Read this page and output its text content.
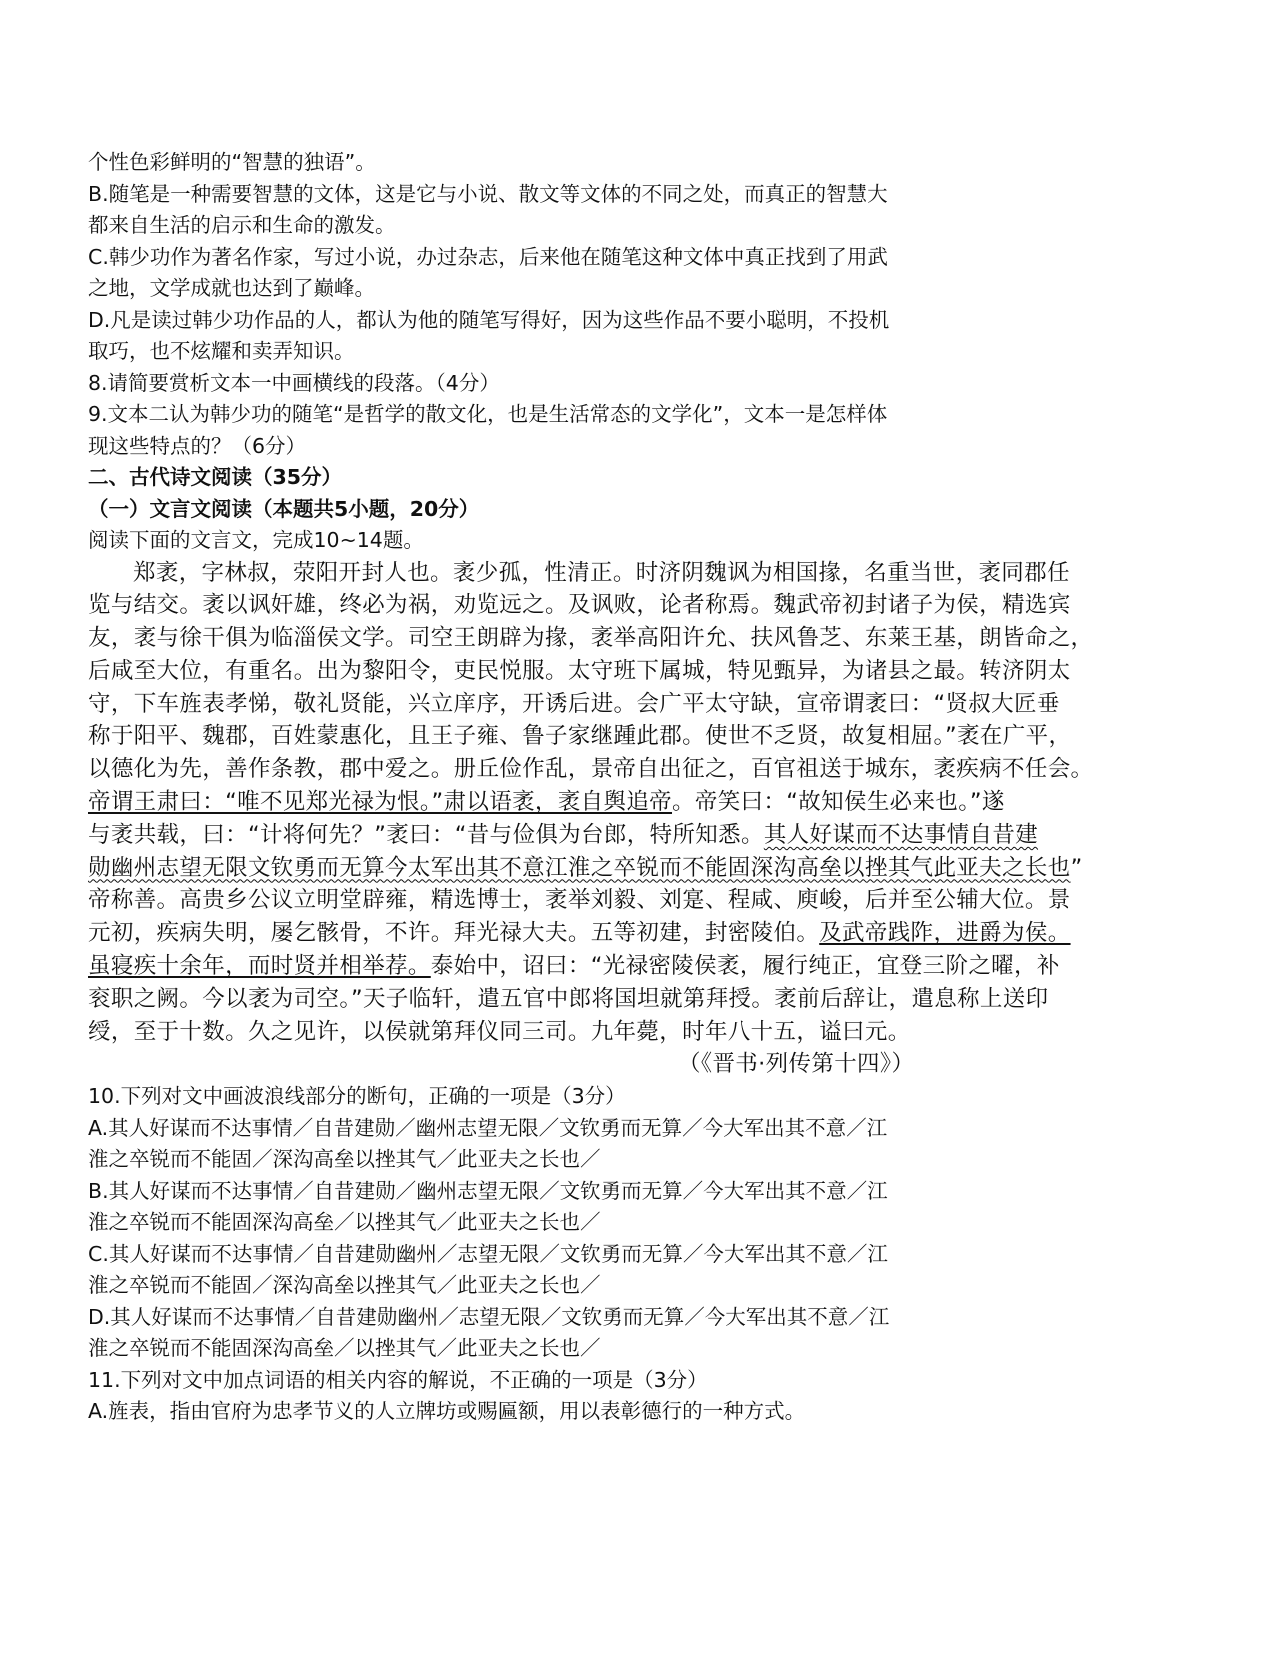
个性色彩鲜明的“智慧的独语”。

B.随笔是一种需要智慧的文体，这是它与小说、散文等文体的不同之处，而真正的智慧大

都来自生活的启示和生命的激发。

C.韩少功作为著名作家，写过小说，办过杂志，后来他在随笔这种文体中真正找到了用武

之地，文学成就也达到了巅峰。

D.凡是读过韩少功作品的人，都认为他的随笔写得好，因为这些作品不要小聪明，不投机

取巧，也不炫耀和卖弄知识。

8.请简要赏析文本一中画横线的段落。（4分）

9.文本二认为韩少功的随笔“是哲学的散文化，也是生活常态的文学化”，文本一是怎样体

现这些特点的？（6分）

二、古代诗文阅读（35分）

（一）文言文阅读（本题共5小题，20分）

阅读下面的文言文，完成10~14题。

郑袤，字林叔，荥阳开封人也。袤少孤，性清正。时济阴魏讽为相国掾，名重当世，袤同郡任

览与结交。袤以讽奸雄，终必为祸，劝览远之。及讽败，论者称焉。魏武帝初封诸子为侯，精选宾

友，袤与徐干俱为临淄侯文学。司空王朗辟为掾，袤举高阳许允、扶风鲁芝、东莱王基，朗皆命之，

后咸至大位，有重名。出为黎阳令，吏民悦服。太守班下属城，特见甄异，为诸县之最。转济阴太

守，下车旌表孝悌，敬礼贤能，兴立庠序，开诱后进。会广平太守缺，宣帝谓袤曰：“贤叔大匠垂

称于阳平、魏郡，百姓蒙惠化，且王子雍、鲁子家继踵此郡。使世不乏贤，故复相屈。”袤在广平，

以德化为先，善作条教，郡中爱之。册丘俭作乱，景帝自出征之，百官祖送于城东，袤疾病不任会。

帝谓王肃曰：“唯不见郑光禄为恨。”肃以语袤，袤自舆追帝。帝笑曰：“故知侯生必来也。”遂

与袤共载，曰：“计将何先？”袤曰：“昔与俭俱为台郎，特所知悉。其人好谋而不达事情自昔建

勋幽州志望无限文钦勇而无算今太军出其不意江淮之卒锐而不能固深沟高垒以挫其气此亚夫之长也”

帝称善。高贵乡公议立明堂辟雍，精选博士，袤举刘毅、刘寔、程咸、庾峻，后并至公辅大位。景

元初，疾病失明，屡乞骸骨，不许。拜光禄大夫。五等初建，封密陵伯。及武帝践阼，进爵为侯。

虽寝疾十余年，而时贤并相举荐。泰始中，诏曰：“光禄密陵侯袤，履行纯正，宜登三阶之曜，补

衮职之阙。今以袤为司空。”天子临轩，遣五官中郎将国坦就第拜授。袤前后辞让，遣息称上送印

绶，至于十数。久之见许，以侯就第拜仪同三司。九年薨，时年八十五，谥曰元。

（《晋书·列传第十四》）

10.下列对文中画波浪线部分的断句，正确的一项是（3分）

A.其人好谋而不达事情／自昔建勋／幽州志望无限／文钦勇而无算／今大军出其不意／江

淮之卒锐而不能固／深沟高垒以挫其气／此亚夫之长也／

B.其人好谋而不达事情／自昔建勋／幽州志望无限／文钦勇而无算／今大军出其不意／江

淮之卒锐而不能固深沟高垒／以挫其气／此亚夫之长也／

C.其人好谋而不达事情／自昔建勋幽州／志望无限／文钦勇而无算／今大军出其不意／江

淮之卒锐而不能固／深沟高垒以挫其气／此亚夫之长也／

D.其人好谋而不达事情／自昔建勋幽州／志望无限／文钦勇而无算／今大军出其不意／江

淮之卒锐而不能固深沟高垒／以挫其气／此亚夫之长也／

11.下列对文中加点词语的相关内容的解说，不正确的一项是（3分）

A.旌表，指由官府为忠孝节义的人立牌坊或赐匾额，用以表彰德行的一种方式。
